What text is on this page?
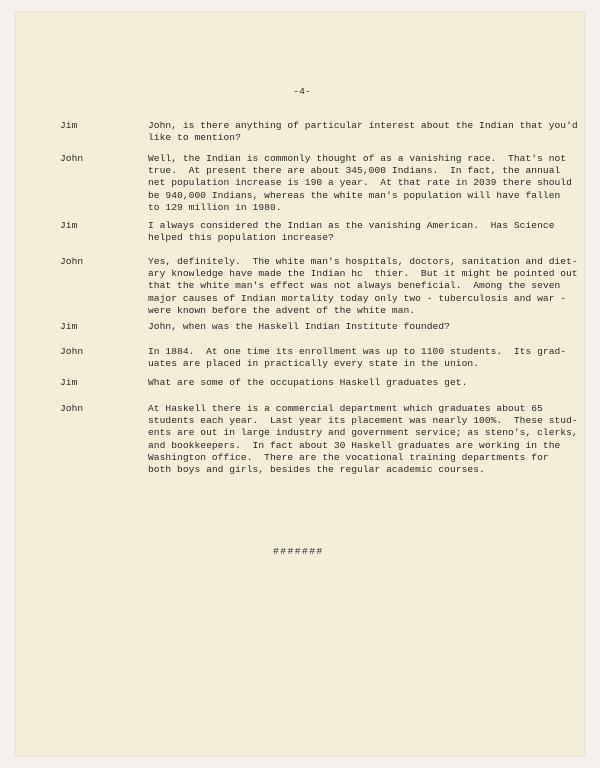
-4-
Jim	John, is there anything of particular interest about the Indian that you'd
like to mention?
John	Well, the Indian is commonly thought of as a vanishing race.  That's not
true.  At present there are about 345,000 Indians.  In fact, the annual
net population increase is 190 a year.  At that rate in 2039 there should
be 940,000 Indians, whereas the white man's population will have fallen
to 129 million in 1980.
Jim	I always considered the Indian as the vanishing American.  Has Science
helped this population increase?
John	Yes, definitely.  The white man's hospitals, doctors, sanitation and diet-
ary knowledge have made the Indian hc  thier.  But it might be pointed out
that the white man's effect was not always beneficial.  Among the seven
major causes of Indian mortality today only two - tuberculosis and war -
were known before the advent of the white man.
Jim	John, when was the Haskell Indian Institute founded?
John	In 1884.  At one time its enrollment was up to 1100 students.  Its grad-
uates are placed in practically every state in the union.
Jim	What are some of the occupations Haskell graduates get.
John	At Haskell there is a commercial department which graduates about 65
students each year.  Last year its placement was nearly 100%.  These stud-
ents are out in large industry and government service; as steno's, clerks,
and bookkeepers.  In fact about 30 Haskell graduates are working in the
Washington office.  There are the vocational training departments for
both boys and girls, besides the regular academic courses.
#######
